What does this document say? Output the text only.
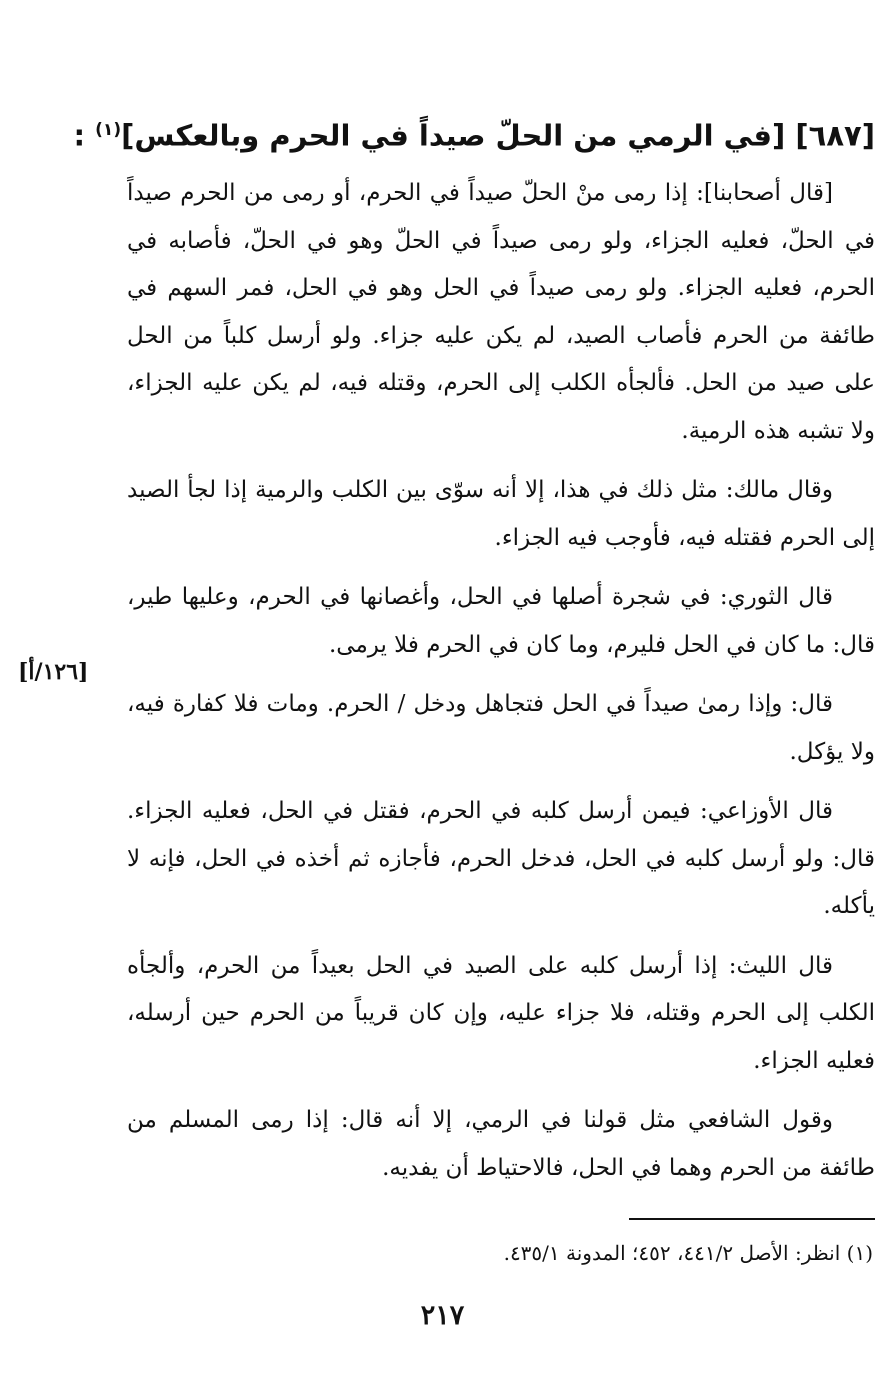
[٦٨٧] [في الرمي من الحلّ صيداً في الحرم وبالعكس]$^{(١)}$ :

[قال أصحابنا]: إذا رمى منْ الحلّ صيداً في الحرم، أو رمى من الحرم صيداً في الحلّ، فعليه الجزاء، ولو رمى صيداً في الحلّ وهو في الحلّ، فأصابه في الحرم، فعليه الجزاء. ولو رمى صيداً في الحل وهو في الحل، فمر السهم في طائفة من الحرم فأصاب الصيد، لم يكن عليه جزاء. ولو أرسل كلباً من الحل على صيد من الحل. فألجأه الكلب إلى الحرم، وقتله فيه، لم يكن عليه الجزاء، ولا تشبه هذه الرمية.

وقال مالك: مثل ذلك في هذا، إلا أنه سوّى بين الكلب والرمية إذا لجأ الصيد إلى الحرم فقتله فيه، فأوجب فيه الجزاء.

قال الثوري: في شجرة أصلها في الحل، وأغصانها في الحرم، وعليها طير، قال: ما كان في الحل فليرم، وما كان في الحرم فلا يرمى.

قال: وإذا رمىٰ صيداً في الحل فتجاهل ودخل / الحرم. ومات فلا كفارة فيه، ولا يؤكل.

قال الأوزاعي: فيمن أرسل كلبه في الحرم، فقتل في الحل، فعليه الجزاء. قال: ولو أرسل كلبه في الحل، فدخل الحرم، فأجازه ثم أخذه في الحل، فإنه لا يأكله.

قال الليث: إذا أرسل كلبه على الصيد في الحل بعيداً من الحرم، وألجأه الكلب إلى الحرم وقتله، فلا جزاء عليه، وإن كان قريباً من الحرم حين أرسله، فعليه الجزاء.

وقول الشافعي مثل قولنا في الرمي، إلا أنه قال: إذا رمى المسلم من طائفة من الحرم وهما في الحل، فالاحتياط أن يفديه.

[١٢٦/أ]
(١) انظر: الأصل ٤٤١/٢، ٤٥٢؛ المدونة ٤٣٥/١.
٢١٧
